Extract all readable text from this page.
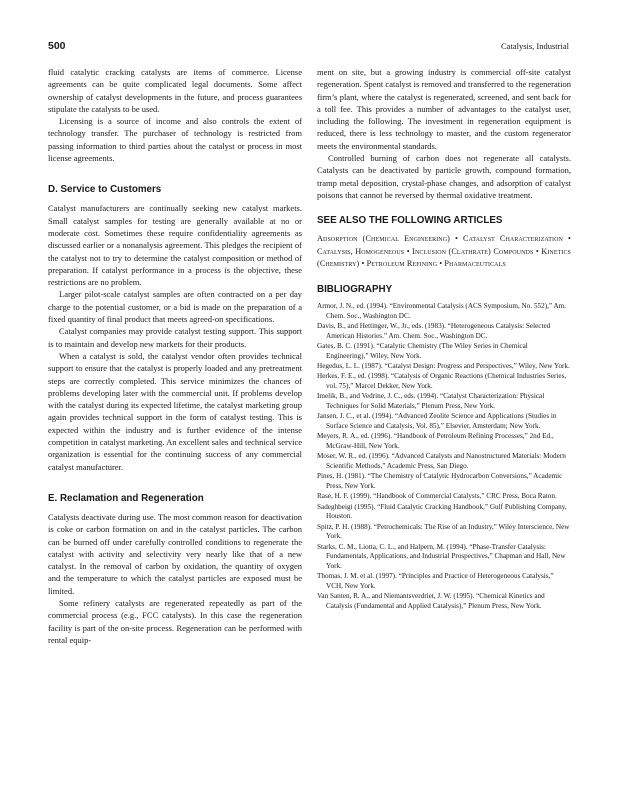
500	Catalysis, Industrial

fluid catalytic cracking catalysts are items of commerce. License agreements can be quite complicated legal documents. Some affect ownership of catalyst developments in the future, and process guarantees stipulate the catalysts to be used.

Licensing is a source of income and also controls the extent of technology transfer. The purchaser of technology is restricted from passing information to third parties about the catalyst or process in most license agreements.

D. Service to Customers

Catalyst manufacturers are continually seeking new catalyst markets. Small catalyst samples for testing are generally available at no or moderate cost. Sometimes these require confidentiality agreements as discussed earlier or a nonanalysis agreement. This pledges the recipient of the catalyst not to try to determine the catalyst composition or method of preparation. If catalyst performance in a process is the objective, these restrictions are no problem.

Larger pilot-scale catalyst samples are often contracted on a per day charge to the potential customer, or a bid is made on the preparation of a fixed quantity of final product that meets agreed-on specifications.

Catalyst companies may provide catalyst testing support. This support is to maintain and develop new markets for their products.

When a catalyst is sold, the catalyst vendor often provides technical support to ensure that the catalyst is properly loaded and any pretreatment steps are correctly completed. This service minimizes the chances of problems developing later with the commercial unit. If problems develop with the catalyst during its expected lifetime, the catalyst marketing group again provides technical support in the form of catalyst testing. This is expected within the industry and is further evidence of the intense competition in catalyst marketing. An excellent sales and technical service organization is essential for the continuing success of any commercial catalyst manufacturer.

E. Reclamation and Regeneration

Catalysts deactivate during use. The most common reason for deactivation is coke or carbon formation on and in the catalyst particles. The carbon can be burned off under carefully controlled conditions to regenerate the catalyst with activity and selectivity very nearly like that of a new catalyst. In the removal of carbon by oxidation, the quantity of oxygen and the temperature to which the catalyst particles are exposed must be limited.

Some refinery catalysts are regenerated repeatedly as part of the commercial process (e.g., FCC catalysts). In this case the regeneration facility is part of the on-site process. Regeneration can be performed with rental equip-

ment on site, but a growing industry is commercial off-site catalyst regeneration. Spent catalyst is removed and transferred to the regeneration firm’s plant, where the catalyst is regenerated, screened, and sent back for a toll fee. This provides a number of advantages to the catalyst user, including the following. The investment in regeneration equipment is reduced, there is less technology to master, and the custom regenerator meets the environmental standards.

Controlled burning of carbon does not regenerate all catalysts. Catalysts can be deactivated by particle growth, compound formation, tramp metal deposition, crystal-phase changes, and adsorption of catalyst poisons that cannot be reversed by thermal oxidative treatment.

SEE ALSO THE FOLLOWING ARTICLES
Adsorption (Chemical Engineering) • Catalyst Characterization • Catalysis, Homogeneous • Inclusion (Clathrate) Compounds • Kinetics (Chemistry) • Petroleum Refining • Pharmaceuticals
BIBLIOGRAPHY
Armor, J. N., ed. (1994). “Environmental Catalysis (ACS Symposium, No. 552),” Am. Chem. Soc., Washington DC.
Davis, B., and Hettinger, W., Jr., eds. (1983). “Heterogeneous Catalysis: Selected American Histories.” Am. Chem. Soc., Washington DC.
Gates, B. C. (1991). “Catalytic Chemistry (The Wiley Series in Chemical Engineering),” Wiley, New York.
Hegedus, L. L. (1987). “Catalyst Design: Progress and Perspectives,” Wiley, New York.
Herkes, F. E., ed. (1998). “Catalysis of Organic Reactions (Chemical Industries Series, vol. 75),” Marcel Dekker, New York.
Imelik, B., and Vedrine, J. C., eds. (1994). “Catalyst Characterization: Physical Techniques for Solid Materials,” Plenum Press, New York.
Jansen, J. C., et al. (1994). “Advanced Zeolite Science and Applications (Studies in Surface Science and Catalysis, Vol. 85),” Elsevier, Amsterdam; New York.
Meyers, R. A., ed. (1996). “Handbook of Petroleum Refining Processes,” 2nd Ed., McGraw-Hill, New York.
Moser, W. R., ed. (1996). “Advanced Catalysts and Nanostructured Materials: Modern Scientific Methods,” Academic Press, San Diego.
Pines, H. (1981). “The Chemistry of Catalytic Hydrocarbon Conversions,” Academic Press, New York.
Rase, H. F. (1999). “Handbook of Commercial Catalysts,” CRC Press, Boca Raton.
Sadeghbeigi (1995). “Fluid Catalytic Cracking Handbook,” Gulf Publishing Company, Houston.
Spitz, P. H. (1988). “Petrochemicals: The Rise of an Industry,” Wiley Interscience, New York.
Starks, C. M., Liotta, C. L., and Halpern, M. (1994). “Phase-Transfer Catalysis: Fundamentals, Applications, and Industrial Prospectives,” Chapman and Hall, New York.
Thomas, J. M. et al. (1997). “Principles and Practice of Heterogeneous Catalysis,” VCH, New York.
Van Santen, R. A., and Niemantsverdriet, J. W. (1995). “Chemical Kinetics and Catalysis (Fundamental and Applied Catalysis),” Plenum Press, New York.
